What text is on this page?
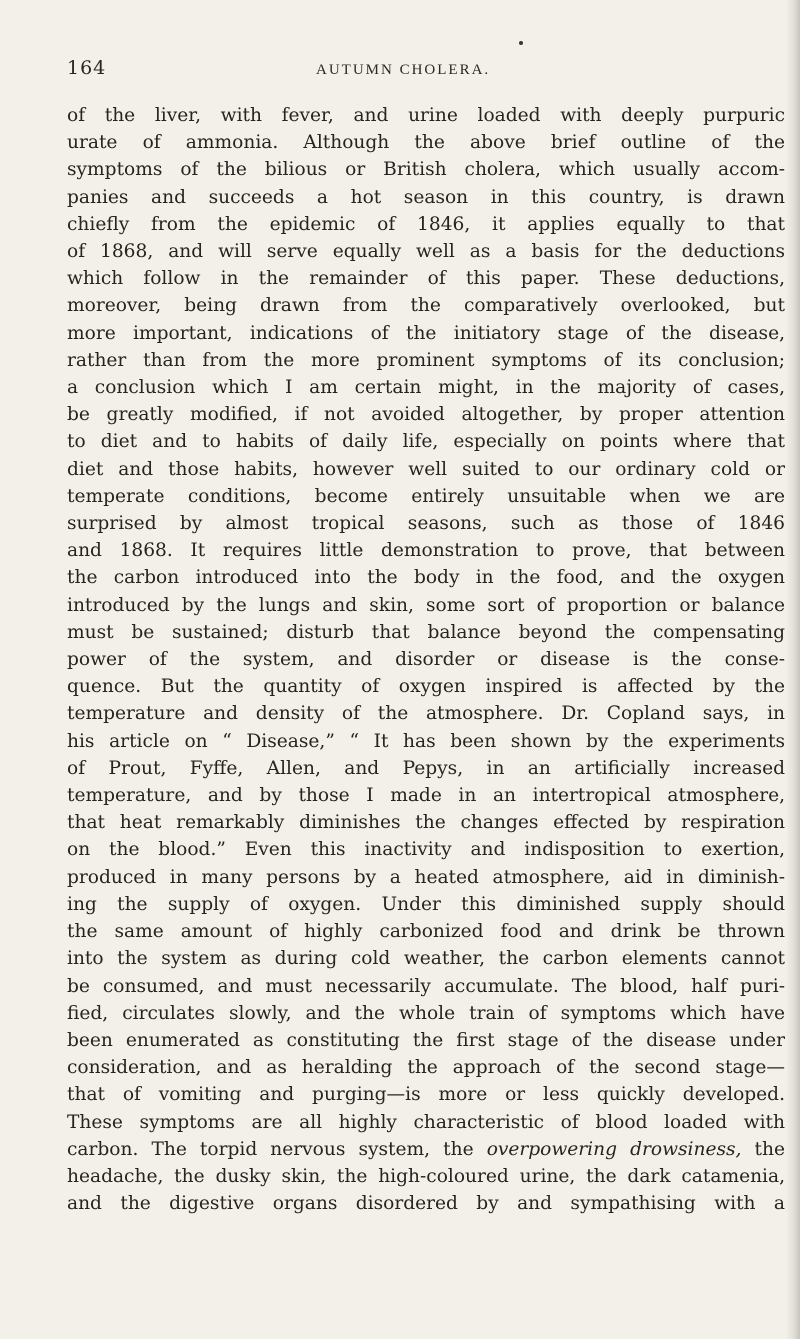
164	AUTUMN CHOLERA.
of the liver, with fever, and urine loaded with deeply purpuric
urate of ammonia. Although the above brief outline of the
symptoms of the bilious or British cholera, which usually accom-
panies and succeeds a hot season in this country, is drawn
chiefly from the epidemic of 1846, it applies equally to that
of 1868, and will serve equally well as a basis for the deductions
which follow in the remainder of this paper. These deductions,
moreover, being drawn from the comparatively overlooked, but
more important, indications of the initiatory stage of the disease,
rather than from the more prominent symptoms of its conclusion;
a conclusion which I am certain might, in the majority of cases,
be greatly modified, if not avoided altogether, by proper attention
to diet and to habits of daily life, especially on points where that
diet and those habits, however well suited to our ordinary cold or
temperate conditions, become entirely unsuitable when we are
surprised by almost tropical seasons, such as those of 1846
and 1868. It requires little demonstration to prove, that between
the carbon introduced into the body in the food, and the oxygen
introduced by the lungs and skin, some sort of proportion or balance
must be sustained; disturb that balance beyond the compensating
power of the system, and disorder or disease is the conse-
quence. But the quantity of oxygen inspired is affected by the
temperature and density of the atmosphere. Dr. Copland says, in
his article on “ Disease,” “ It has been shown by the experiments
of Prout, Fyffe, Allen, and Pepys, in an artificially increased
temperature, and by those I made in an intertropical atmosphere,
that heat remarkably diminishes the changes effected by respiration
on the blood.” Even this inactivity and indisposition to exertion,
produced in many persons by a heated atmosphere, aid in diminish-
ing the supply of oxygen. Under this diminished supply should
the same amount of highly carbonized food and drink be thrown
into the system as during cold weather, the carbon elements cannot
be consumed, and must necessarily accumulate. The blood, half puri-
fied, circulates slowly, and the whole train of symptoms which have
been enumerated as constituting the first stage of the disease under
consideration, and as heralding the approach of the second stage—
that of vomiting and purging—is more or less quickly developed.
These symptoms are all highly characteristic of blood loaded with
carbon. The torpid nervous system, the overpowering drowsiness, the
headache, the dusky skin, the high-coloured urine, the dark catamenia,
and the digestive organs disordered by and sympathising with a
